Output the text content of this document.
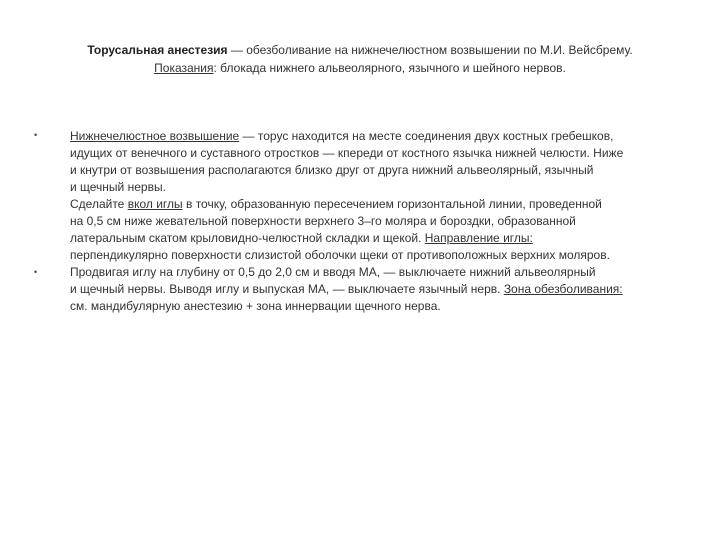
Торусальная анестезия — обезболивание на нижнечелюстном возвышении по М.И. Вейсбрему.
Показания: блокада нижнего альвеолярного, язычного и шейного нервов.
•
•
Нижнечелюстное возвышение — торус находится на месте соединения двух костных гребешков,
идущих от венечного и суставного отростков — кпереди от костного язычка нижней челюсти. Ниже
и кнутри от возвышения располагаются близко друг от друга нижний альвеолярный, язычный
и щечный нервы.
Сделайте вкол иглы в точку, образованную пересечением горизонтальной линии, проведенной
на 0,5 см ниже жевательной поверхности верхнего 3–го моляра и бороздки, образованной
латеральным скатом крыловидно-челюстной складки и щекой. Направление иглы:
перпендикулярно поверхности слизистой оболочки щеки от противоположных верхних моляров.
Продвигая иглу на глубину от 0,5 до 2,0 см и вводя МА, — выключаете нижний альвеолярный
и щечный нервы. Выводя иглу и выпуская МА, — выключаете язычный нерв. Зона обезболивания:
см. мандибулярную анестезию + зона иннервации щечного нерва.
